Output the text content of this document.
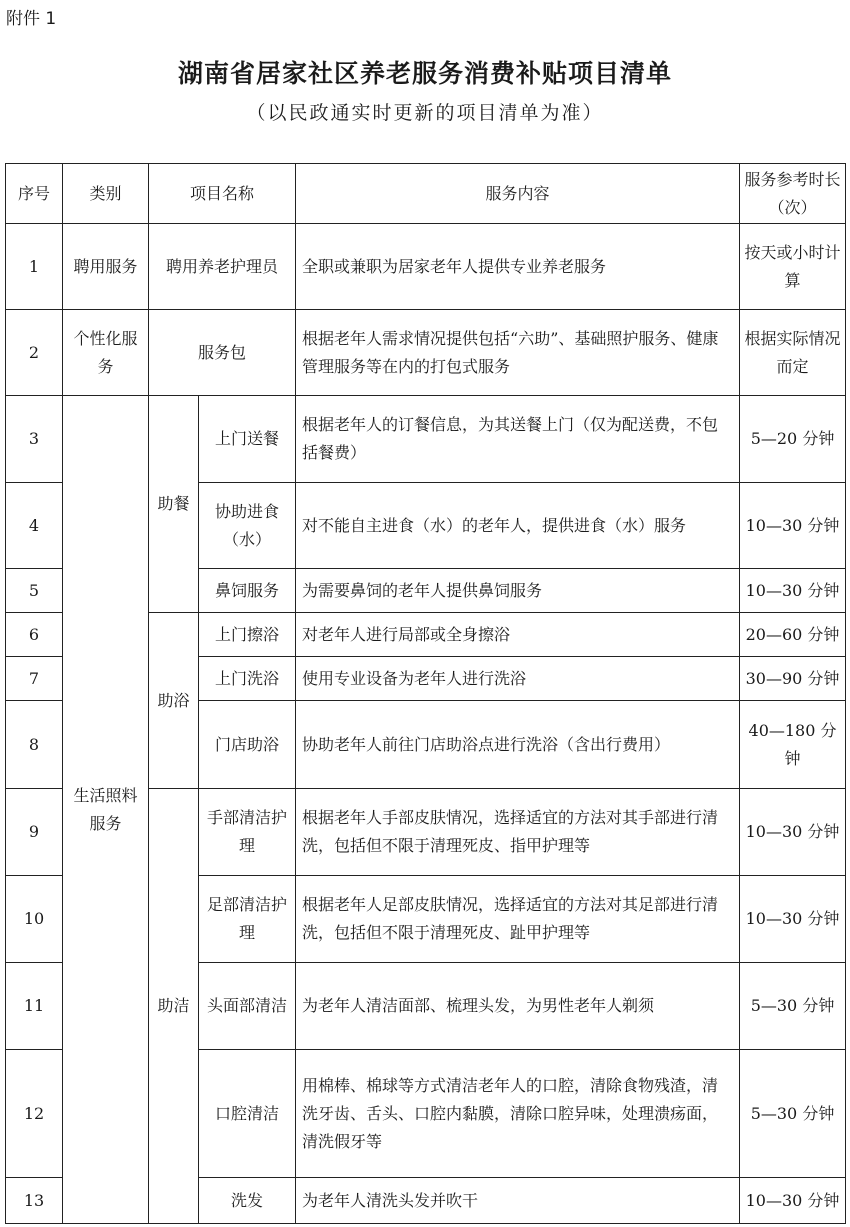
附件 1
湖南省居家社区养老服务消费补贴项目清单
（以民政通实时更新的项目清单为准）
序号	类别	项目名称		服务内容	服务参考时长（次）
1	聘用服务	聘用养老护理员		全职或兼职为居家老年人提供专业养老服务	按天或小时计算
2	个性化服务	服务包		根据老年人需求情况提供包括“六助”、基础照护服务、健康管理服务等在内的打包式服务	根据实际情况而定
3	生活照料服务	助餐	上门送餐	根据老年人的订餐信息，为其送餐上门（仅为配送费，不包括餐费）	5—20 分钟
4			协助进食（水）	对不能自主进食（水）的老年人，提供进食（水）服务	10—30 分钟
5			鼻饲服务	为需要鼻饲的老年人提供鼻饲服务	10—30 分钟
6		助浴	上门擦浴	对老年人进行局部或全身擦浴	20—60 分钟
7			上门洗浴	使用专业设备为老年人进行洗浴	30—90 分钟
8			门店助浴	协助老年人前往门店助浴点进行洗浴（含出行费用）	40—180 分钟
9		助洁	手部清洁护理	根据老年人手部皮肤情况，选择适宜的方法对其手部进行清洗，包括但不限于清理死皮、指甲护理等	10—30 分钟
10			足部清洁护理	根据老年人足部皮肤情况，选择适宜的方法对其足部进行清洗，包括但不限于清理死皮、趾甲护理等	10—30 分钟
11			头面部清洁	为老年人清洁面部、梳理头发，为男性老年人剃须	5—30 分钟
12			口腔清洁	用棉棒、棉球等方式清洁老年人的口腔，清除食物残渣，清洗牙齿、舌头、口腔内黏膜，清除口腔异味，处理溃疡面，清洗假牙等	5—30 分钟
13			洗发	为老年人清洗头发并吹干	10—30 分钟
